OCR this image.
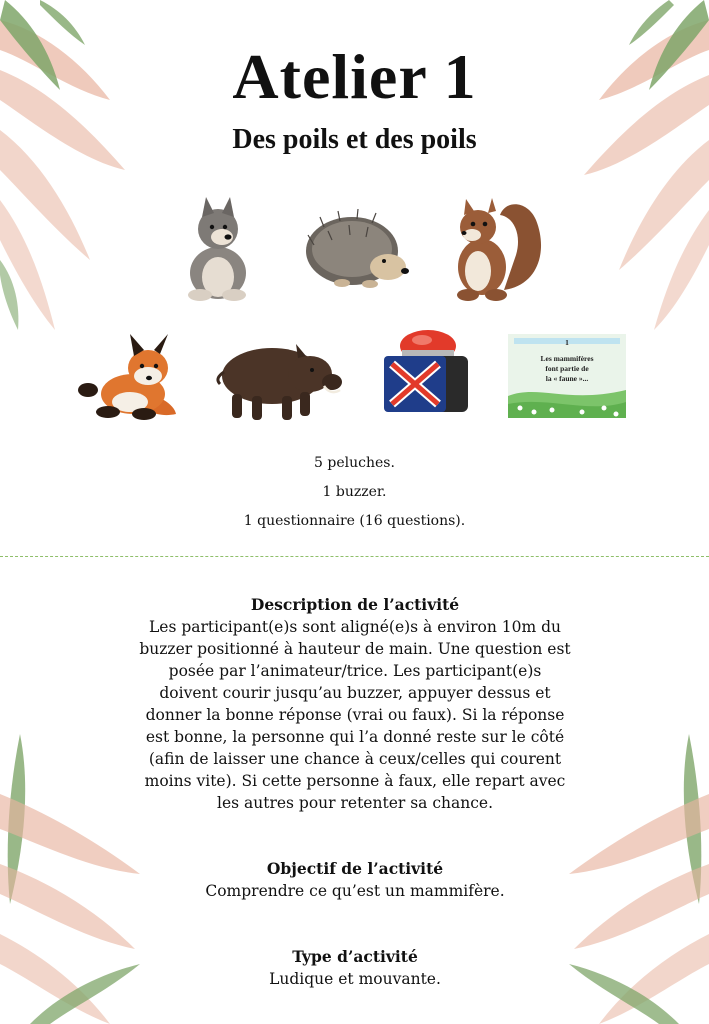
Atelier 1
Des poils et des poils
1
Les mammifères
font partie de
la « faune »...
5 peluches.
1 buzzer.
1 questionnaire (16 questions).
Description de l’activité
Les participant(e)s sont aligné(e)s à environ 10m du
buzzer positionné à hauteur de main. Une question est
posée par l’animateur/trice. Les participant(e)s
doivent courir jusqu’au buzzer, appuyer dessus et
donner la bonne réponse (vrai ou faux). Si la réponse
est bonne, la personne qui l’a donné reste sur le côté
(afin de laisser une chance à ceux/celles qui courent
moins vite). Si cette personne à faux, elle repart avec
les autres pour retenter sa chance.
Objectif de l’activité
Comprendre ce qu’est un mammifère.
Type d’activité
Ludique et mouvante.
